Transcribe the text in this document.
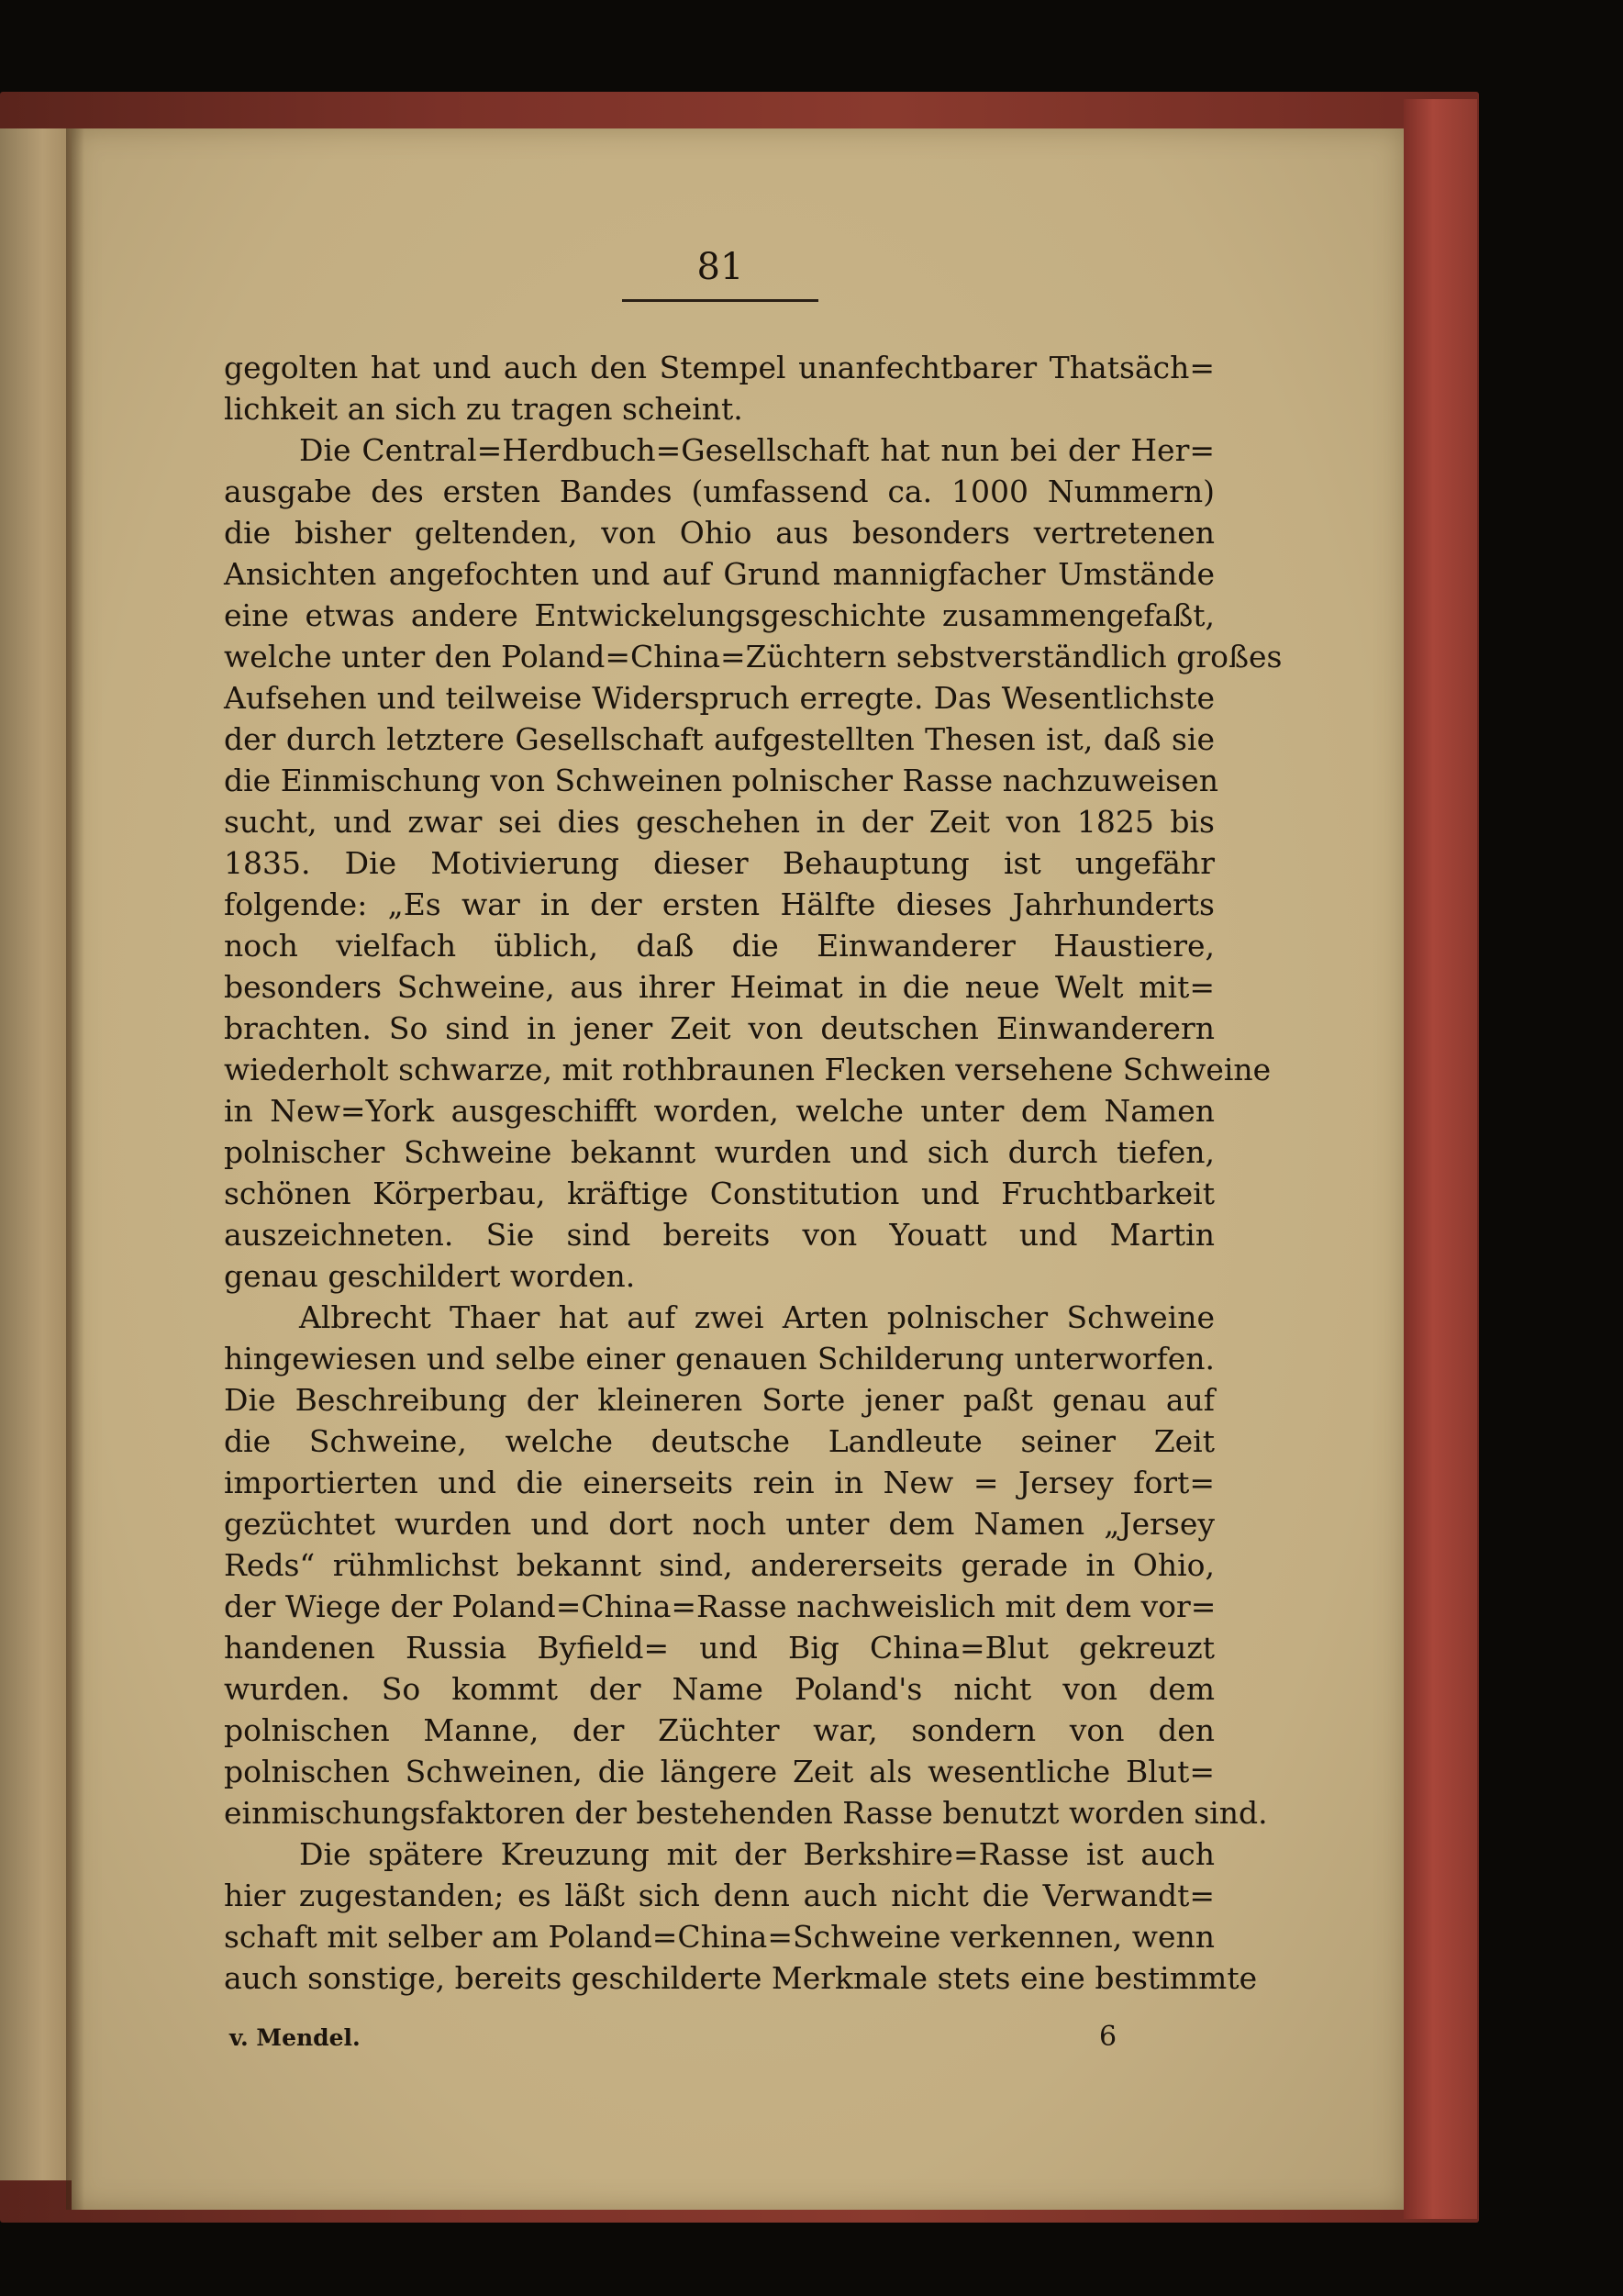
81
gegolten hat und auch den Stempel unanfechtbarer Thatsäch=
lichkeit an sich zu tragen scheint.
Die Central=Herdbuch=Gesellschaft hat nun bei der Her=
ausgabe des ersten Bandes (umfassend ca. 1000 Nummern)
die bisher geltenden, von Ohio aus besonders vertretenen
Ansichten angefochten und auf Grund mannigfacher Umstände
eine etwas andere Entwickelungsgeschichte zusammengefaßt,
welche unter den Poland=China=Züchtern sebstverständlich großes
Aufsehen und teilweise Widerspruch erregte. Das Wesentlichste
der durch letztere Gesellschaft aufgestellten Thesen ist, daß sie
die Einmischung von Schweinen polnischer Rasse nachzuweisen
sucht, und zwar sei dies geschehen in der Zeit von 1825 bis
1835. Die Motivierung dieser Behauptung ist ungefähr
folgende: „Es war in der ersten Hälfte dieses Jahrhunderts
noch vielfach üblich, daß die Einwanderer Haustiere,
besonders Schweine, aus ihrer Heimat in die neue Welt mit=
brachten. So sind in jener Zeit von deutschen Einwanderern
wiederholt schwarze, mit rothbraunen Flecken versehene Schweine
in New=York ausgeschifft worden, welche unter dem Namen
polnischer Schweine bekannt wurden und sich durch tiefen,
schönen Körperbau, kräftige Constitution und Fruchtbarkeit
auszeichneten. Sie sind bereits von Youatt und Martin
genau geschildert worden.
Albrecht Thaer hat auf zwei Arten polnischer Schweine
hingewiesen und selbe einer genauen Schilderung unterworfen.
Die Beschreibung der kleineren Sorte jener paßt genau auf
die Schweine, welche deutsche Landleute seiner Zeit
importierten und die einerseits rein in New = Jersey fort=
gezüchtet wurden und dort noch unter dem Namen „Jersey
Reds“ rühmlichst bekannt sind, andererseits gerade in Ohio,
der Wiege der Poland=China=Rasse nachweislich mit dem vor=
handenen Russia Byfield= und Big China=Blut gekreuzt
wurden. So kommt der Name Poland's nicht von dem
polnischen Manne, der Züchter war, sondern von den
polnischen Schweinen, die längere Zeit als wesentliche Blut=
einmischungsfaktoren der bestehenden Rasse benutzt worden sind.
Die spätere Kreuzung mit der Berkshire=Rasse ist auch
hier zugestanden; es läßt sich denn auch nicht die Verwandt=
schaft mit selber am Poland=China=Schweine verkennen, wenn
auch sonstige, bereits geschilderte Merkmale stets eine bestimmte
v. Mendel.	6
